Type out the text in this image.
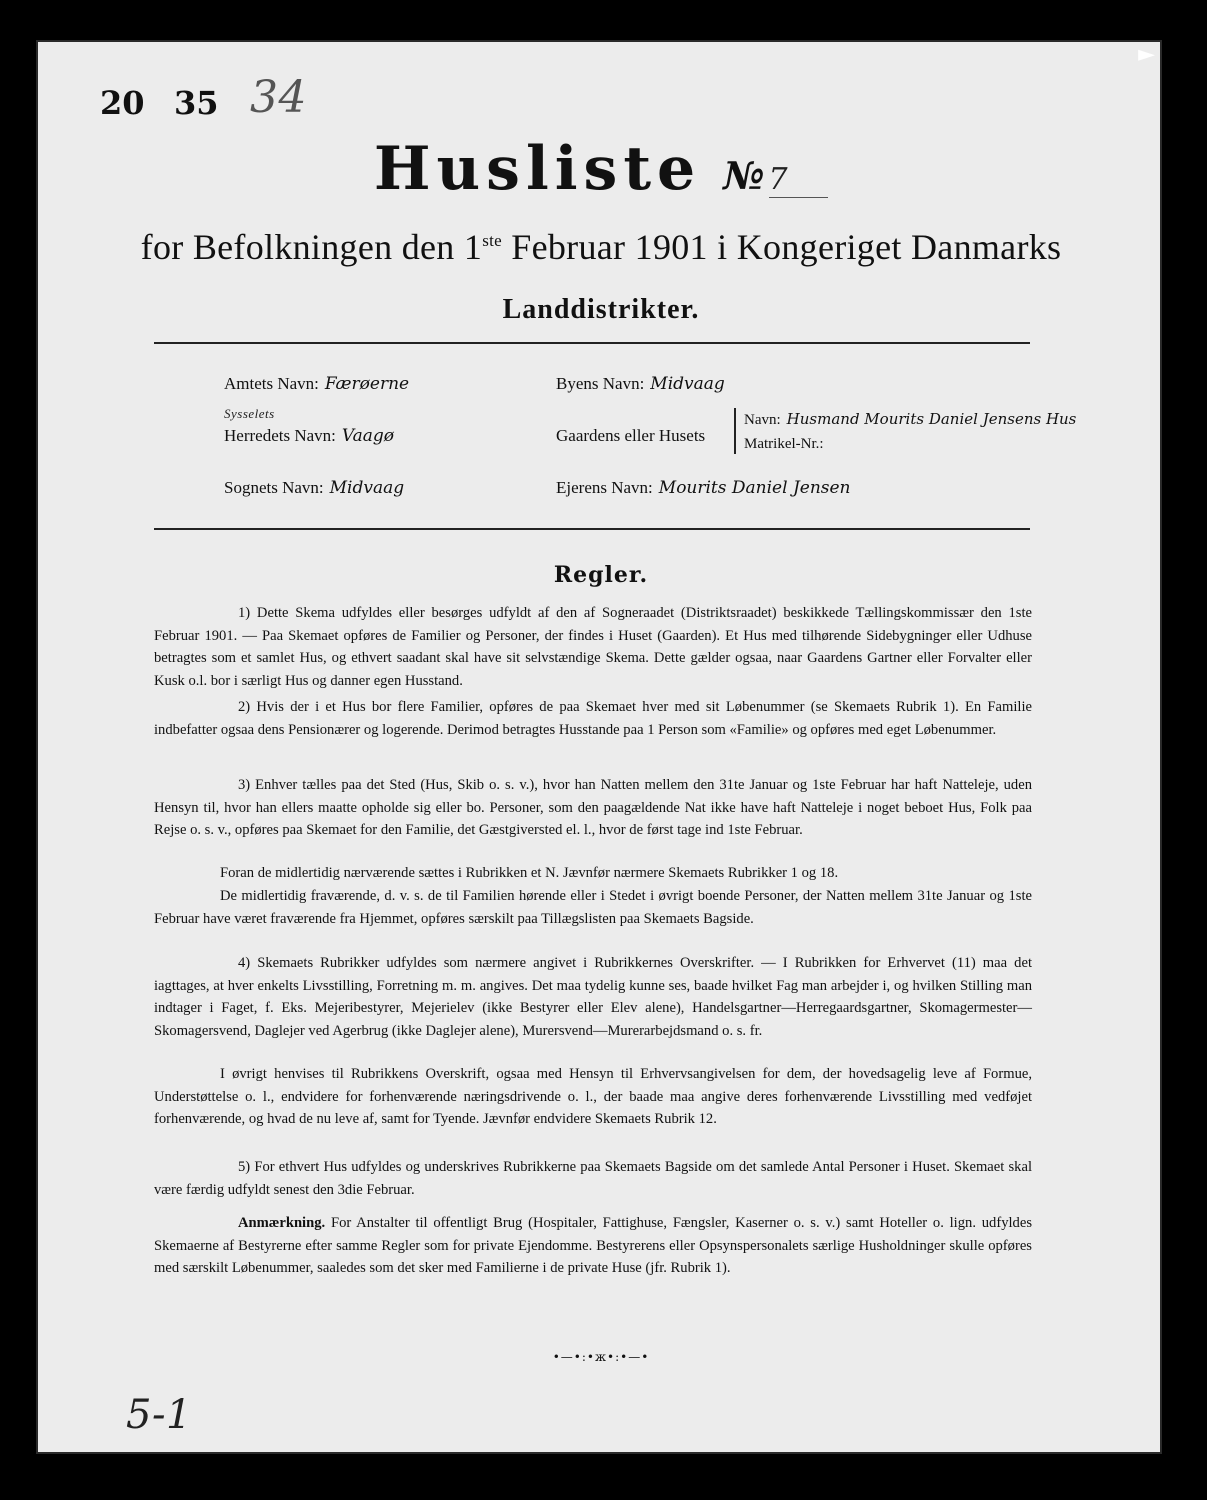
20 35 34
Husliste № 7
for Befolkningen den 1ste Februar 1901 i Kongeriget Danmarks
Landdistrikter.
Amtets Navn: Færøerne
Sysselets
Herredets Navn: Vaagø
Sognets Navn: Midvaag
Byens Navn: Midvaag
Gaardens eller Husets
Navn: Husmand Mourits Daniel Jensens Hus
Matrikel-Nr.:
Ejerens Navn: Mourits Daniel Jensen
Regler.
1) Dette Skema udfyldes eller besørges udfyldt af den af Sogneraadet (Distriktsraadet) beskikkede Tællingskommissær den 1ste Februar 1901. — Paa Skemaet opføres de Familier og Personer, der findes i Huset (Gaarden). Et Hus med tilhørende Sidebygninger eller Udhuse betragtes som et samlet Hus, og ethvert saadant skal have sit selvstændige Skema. Dette gælder ogsaa, naar Gaardens Gartner eller Forvalter eller Kusk o.l. bor i særligt Hus og danner egen Husstand.
2) Hvis der i et Hus bor flere Familier, opføres de paa Skemaet hver med sit Løbenummer (se Skemaets Rubrik 1). En Familie indbefatter ogsaa dens Pensionærer og logerende. Derimod betragtes Husstande paa 1 Person som «Familie» og opføres med eget Løbenummer.
3) Enhver tælles paa det Sted (Hus, Skib o. s. v.), hvor han Natten mellem den 31te Januar og 1ste Februar har haft Natteleje, uden Hensyn til, hvor han ellers maatte opholde sig eller bo. Personer, som den paagældende Nat ikke have haft Natteleje i noget beboet Hus, Folk paa Rejse o. s. v., opføres paa Skemaet for den Familie, det Gæstgiversted el. l., hvor de først tage ind 1ste Februar.
Foran de midlertidig nærværende sættes i Rubrikken et N. Jævnfør nærmere Skemaets Rubrikker 1 og 18.
De midlertidig fraværende, d. v. s. de til Familien hørende eller i Stedet i øvrigt boende Personer, der Natten mellem 31te Januar og 1ste Februar have været fraværende fra Hjemmet, opføres særskilt paa Tillægslisten paa Skemaets Bagside.
4) Skemaets Rubrikker udfyldes som nærmere angivet i Rubrikkernes Overskrifter. — I Rubrikken for Erhvervet (11) maa det iagttages, at hver enkelts Livsstilling, Forretning m. m. angives. Det maa tydelig kunne ses, baade hvilket Fag man arbejder i, og hvilken Stilling man indtager i Faget, f. Eks. Mejeribestyrer, Mejerielev (ikke Bestyrer eller Elev alene), Handelsgartner—Herregaardsgartner, Skomagermester—Skomagersvend, Daglejer ved Agerbrug (ikke Daglejer alene), Murersvend—Murerarbejdsmand o. s. fr.
I øvrigt henvises til Rubrikkens Overskrift, ogsaa med Hensyn til Erhvervsangivelsen for dem, der hovedsagelig leve af Formue, Understøttelse o. l., endvidere for forhenværende næringsdrivende o. l., der baade maa angive deres forhenværende Livsstilling med vedføjet forhenværende, og hvad de nu leve af, samt for Tyende. Jævnfør endvidere Skemaets Rubrik 12.
5) For ethvert Hus udfyldes og underskrives Rubrikkerne paa Skemaets Bagside om det samlede Antal Personer i Huset. Skemaet skal være færdig udfyldt senest den 3die Februar.
Anmærkning. For Anstalter til offentligt Brug (Hospitaler, Fattighuse, Fængsler, Kaserner o. s. v.) samt Hoteller o. lign. udfyldes Skemaerne af Bestyrerne efter samme Regler som for private Ejendomme. Bestyrerens eller Opsynspersonalets særlige Husholdninger skulle opføres med særskilt Løbenummer, saaledes som det sker med Familierne i de private Huse (jfr. Rubrik 1).
•—•:•ж•:•—•
5-1
►
